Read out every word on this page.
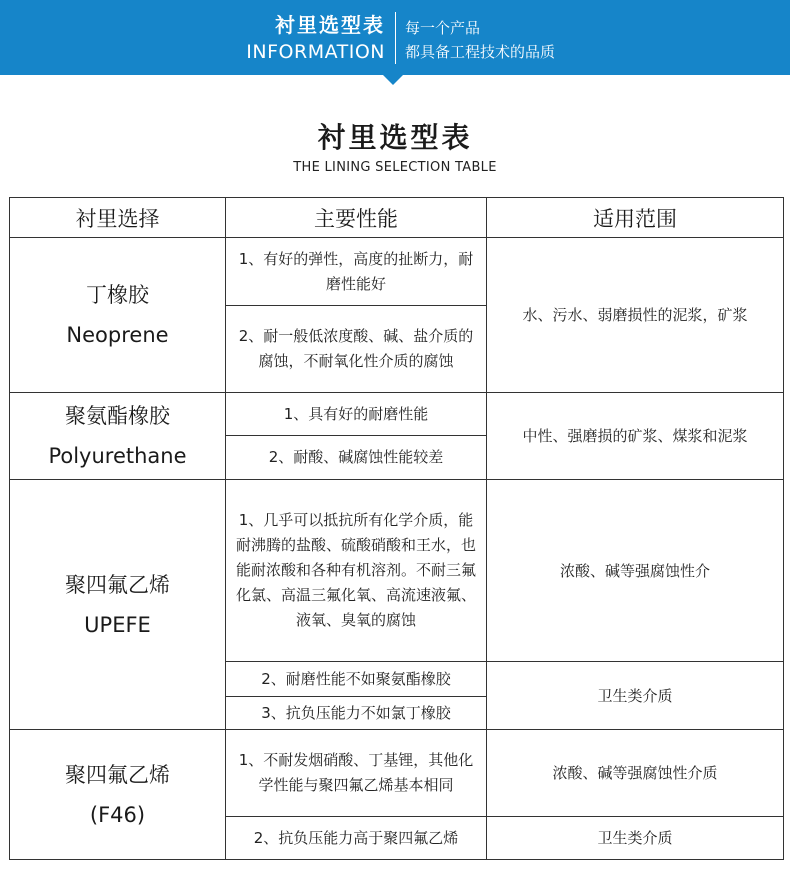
衬里选型表
INFORMATION
每一个产品
都具备工程技术的品质
衬里选型表
THE LINING SELECTION TABLE
衬里选择	主要性能	适用范围

丁橡胶
Neoprene	1、有好的弹性，高度的扯断力，耐磨性能好	水、污水、弱磨损性的泥浆，矿浆
	2、耐一般低浓度酸、碱、盐介质的腐蚀，不耐氧化性介质的腐蚀	

聚氨酯橡胶
Polyurethane	1、具有好的耐磨性能	中性、强磨损的矿浆、煤浆和泥浆
	2、耐酸、碱腐蚀性能较差	

聚四氟乙烯
UPEFE	1、几乎可以抵抗所有化学介质，能耐沸腾的盐酸、硫酸硝酸和王水，也能耐浓酸和各种有机溶剂。不耐三氟化氯、高温三氟化氧、高流速液氟、液氧、臭氧的腐蚀	浓酸、碱等强腐蚀性介
	2、耐磨性能不如聚氨酯橡胶	卫生类介质
	3、抗负压能力不如氯丁橡胶	

聚四氟乙烯
(F46)	1、不耐发烟硝酸、丁基锂，其他化学性能与聚四氟乙烯基本相同	浓酸、碱等强腐蚀性介质
	2、抗负压能力高于聚四氟乙烯	卫生类介质
